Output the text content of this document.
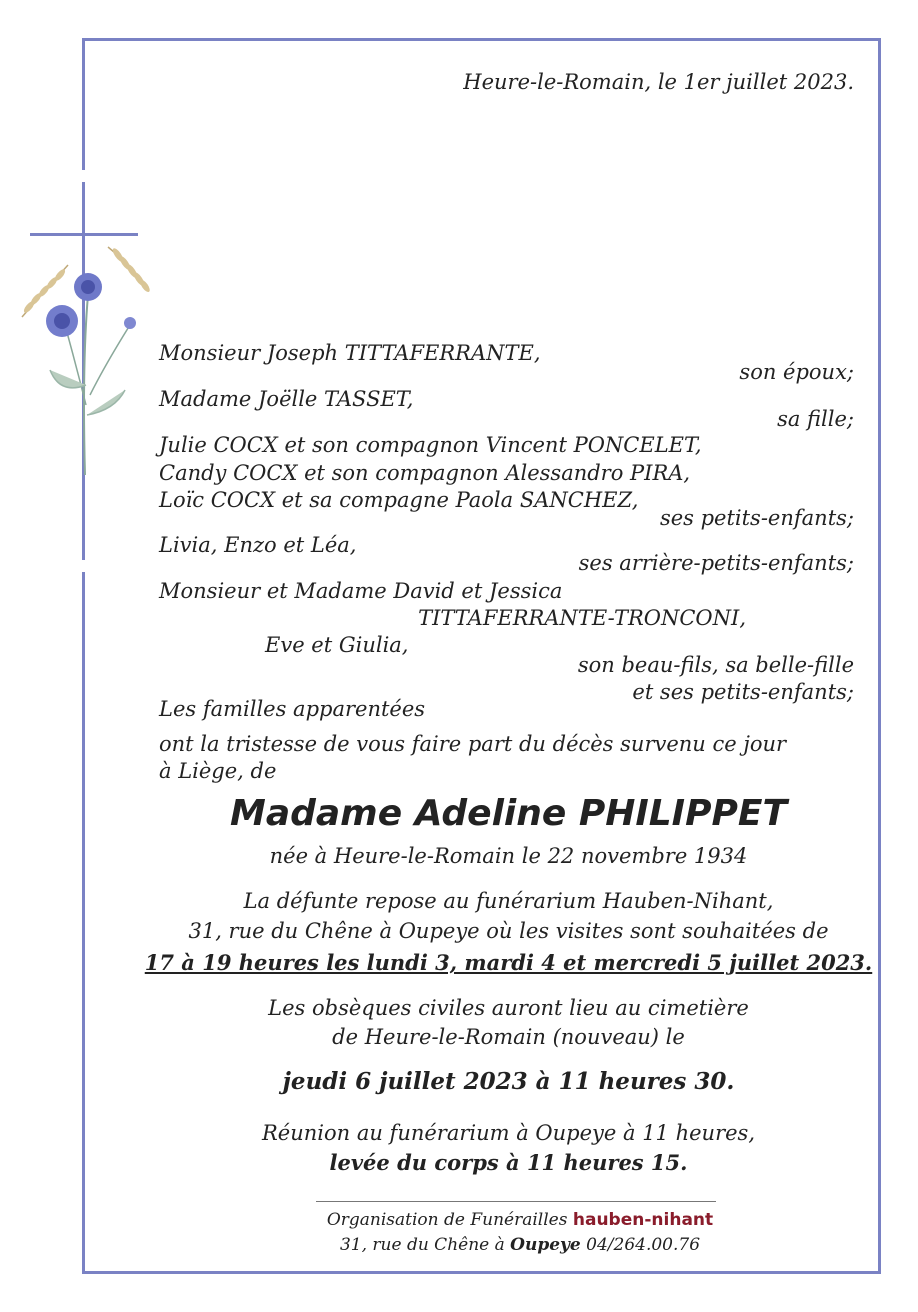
Heure-le-Romain, le 1er juillet 2023.
Monsieur Joseph TITTAFERRANTE,
son époux;
Madame Joëlle TASSET,
sa fille;
Julie COCX et son compagnon Vincent PONCELET,
Candy COCX et son compagnon Alessandro PIRA,
Loïc COCX et sa compagne Paola SANCHEZ,
ses petits-enfants;
Livia, Enzo et Léa,
ses arrière-petits-enfants;
Monsieur et Madame David et Jessica
TITTAFERRANTE-TRONCONI,
Eve et Giulia,
son beau-fils, sa belle-fille
et ses petits-enfants;
Les familles apparentées
ont la tristesse de vous faire part du décès survenu ce jour
à Liège, de
Madame Adeline PHILIPPET
née à Heure-le-Romain le 22 novembre 1934
La défunte repose au funérarium Hauben-Nihant,
31, rue du Chêne à Oupeye où les visites sont souhaitées de
17 à 19 heures les lundi 3, mardi 4 et mercredi 5 juillet 2023.
Les obsèques civiles auront lieu au cimetière
de Heure-le-Romain (nouveau) le
jeudi 6 juillet 2023 à 11 heures 30.
Réunion au funérarium à Oupeye à 11 heures,
levée du corps à 11 heures 15.
Organisation de Funérailles hauben-nihant
31, rue du Chêne à Oupeye 04/264.00.76
